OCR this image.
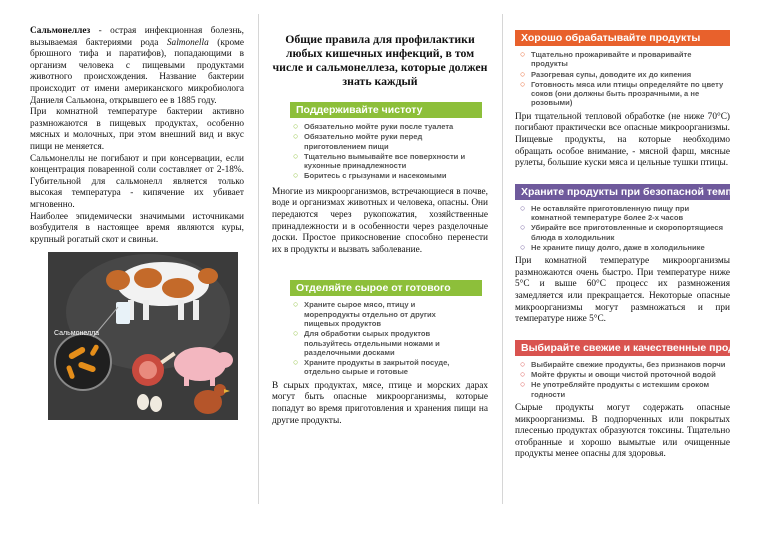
Сальмонеллез - острая инфекционная болезнь, вызываемая бактериями рода Salmonella (кроме брюшного тифа и паратифов), попадающими в организм человека с пищевыми продуктами животного происхождения. Название бактерии происходит от имени американского микробиолога Даниеля Сальмона, открывшего ее в 1885 году.

При комнатной температуре бактерии активно размножаются в пищевых продуктах, особенно мясных и молочных, при этом внешний вид и вкус пищи не меняется.

Сальмонеллы не погибают и при консервации, если концентрация поваренной соли составляет от 2-18%. Губительной для сальмонелл является только высокая температура - кипячение их убивает мгновенно.

Наиболее эпидемически значимыми источниками возбудителя в настоящее время являются куры, крупный рогатый скот и свиньи.

Сальмонелла

Общие правила для профилактики любых кишечных инфекций, в том числе и сальмонеллеза, которые должен знать каждый

Поддерживайте чистоту
○ Обязательно мойте руки после туалета
○ Обязательно мойте руки перед приготовлением пищи
○ Тщательно вымывайте все поверхности и кухонные принадлежности
○ Боритесь с грызунами и насекомыми

Многие из микроорганизмов, встречающиеся в почве, воде и организмах животных и человека, опасны. Они передаются через рукопожатия, хозяйственные принадлежности и в особенности через разделочные доски. Простое прикосновение способно перенести их в продукты и вызвать заболевание.

Отделяйте сырое от готового
○ Храните сырое мясо, птицу и морепродукты отдельно от других пищевых продуктов
○ Для обработки сырых продуктов пользуйтесь отдельными ножами и разделочными досками
○ Храните продукты в закрытой посуде, отдельно сырые и готовые

В сырых продуктах, мясе, птице и морских дарах могут быть опасные микроорганизмы, которые попадут во время приготовления и хранения пищи на другие продукты.

Хорошо обрабатывайте продукты
○ Тщательно прожаривайте и проваривайте продукты
○ Разогревая супы, доводите их до кипения
○ Готовность мяса или птицы определяйте по цвету соков (они должны быть прозрачными, а не розовыми)

При тщательной тепловой обработке (не ниже 70°С) погибают практически все опасные микроорганизмы. Пищевые продукты, на которые необходимо обращать особое внимание, - мясной фарш, мясные рулеты, большие куски мяса и цельные тушки птицы.

Храните продукты при безопасной температуре
○ Не оставляйте приготовленную пищу при комнатной температуре более 2-х часов
○ Убирайте все приготовленные и скоропортящиеся блюда в холодильник
○ Не храните пищу долго, даже в холодильнике

При комнатной температуре микроорганизмы размножаются очень быстро. При температуре ниже 5°С и выше 60°С процесс их размножения замедляется или прекращается. Некоторые опасные микроорганизмы могут размножаться и при температуре ниже 5°С.

Выбирайте свежие и качественные продукты
○ Выбирайте свежие продукты, без признаков порчи
○ Мойте фрукты и овощи чистой проточной водой
○ Не употребляйте продукты с истекшим сроком годности

Сырые продукты могут содержать опасные микроорганизмы. В подпорченных или покрытых плесенью продуктах образуются токсины. Тщательно отобранные и хорошо вымытые или очищенные продукты менее опасны для здоровья.
